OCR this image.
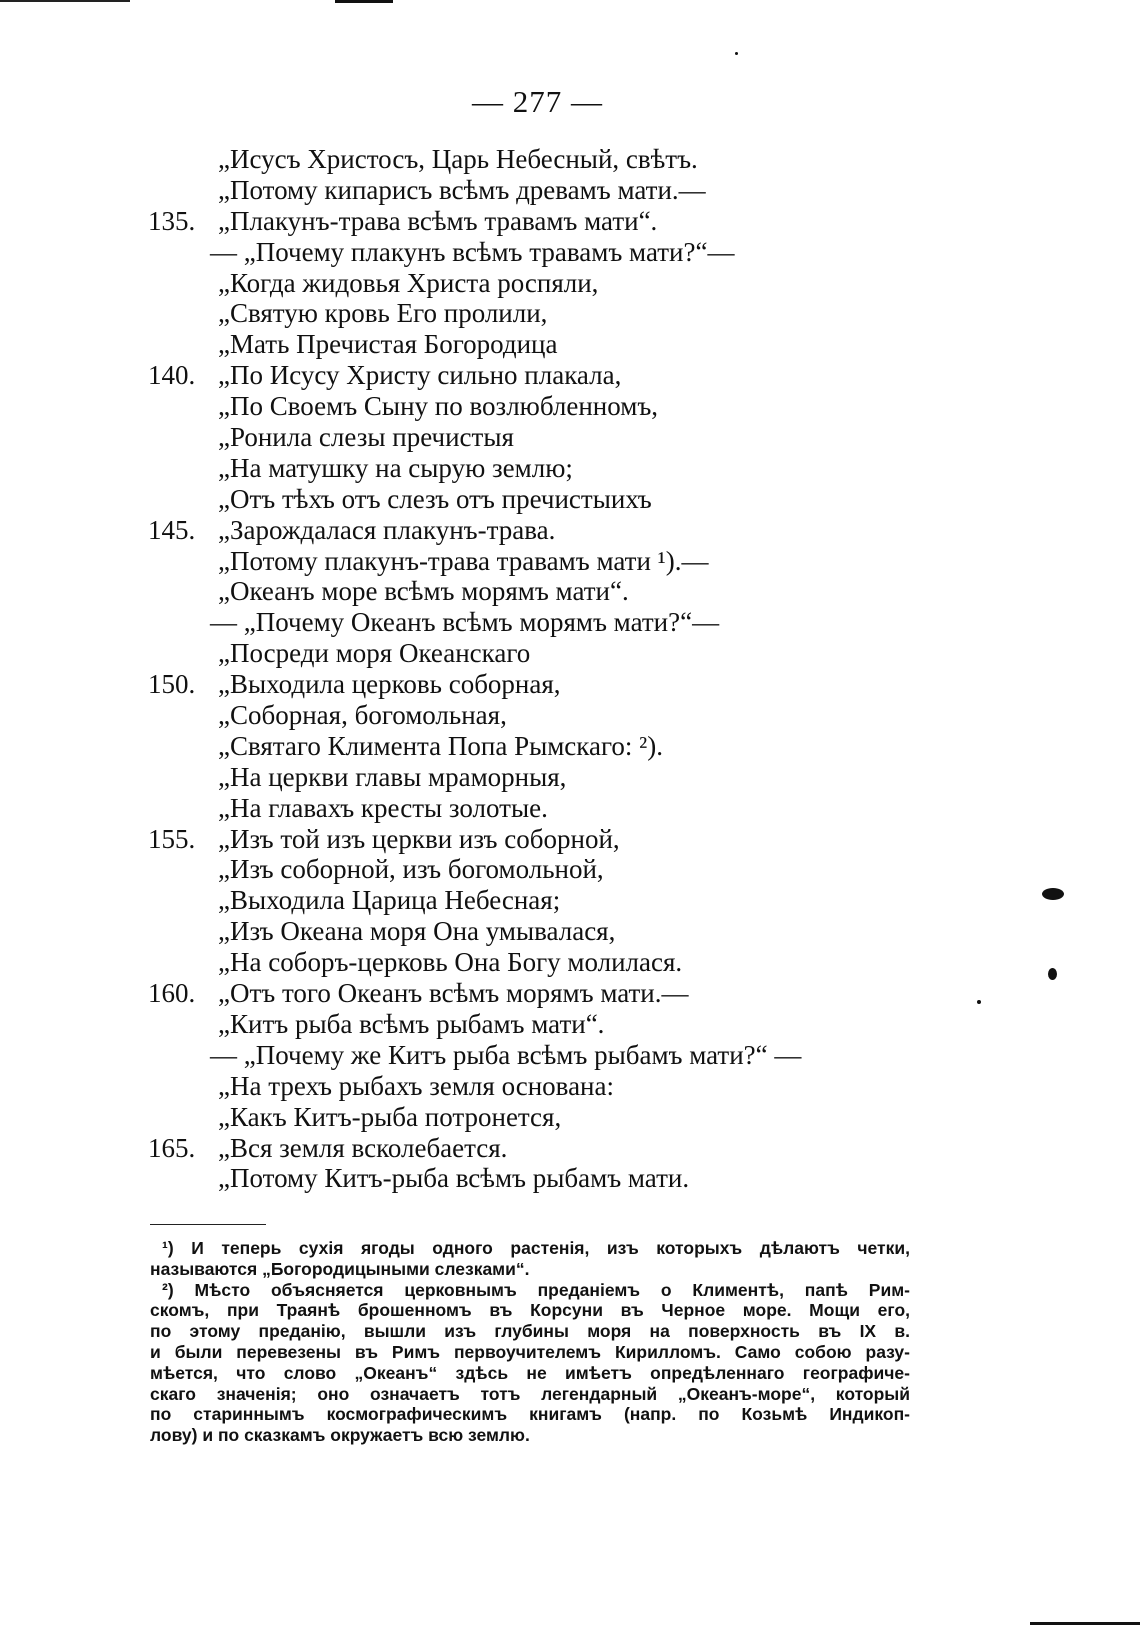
— 277 —
„Исусъ Христосъ, Царь Небесный, свѣтъ.
„Потому кипарисъ всѣмъ древамъ мати.—
135. „Плакунъ-трава всѣмъ травамъ мати“.
— „Почему плакунъ всѣмъ травамъ мати?“—
„Когда жидовья Христа роспяли,
„Святую кровь Его пролили,
„Мать Пречистая Богородица
140. „По Исусу Христу сильно плакала,
„По Своемъ Сыну по возлюбленномъ,
„Ронила слезы пречистыя
„На матушку на сырую землю;
„Отъ тѣхъ отъ слезъ отъ пречистыихъ
145. „Зарождалася плакунъ-трава.
„Потому плакунъ-трава травамъ мати ¹).—
„Океанъ море всѣмъ морямъ мати“.
— „Почему Океанъ всѣмъ морямъ мати?“—
„Посреди моря Океанскаго
150. „Выходила церковь соборная,
„Соборная, богомольная,
„Святаго Климента Попа Рымскаго: ²).
„На церкви главы мраморныя,
„На главахъ кресты золотые.
155. „Изъ той изъ церкви изъ соборной,
„Изъ соборной, изъ богомольной,
„Выходила Царица Небесная;
„Изъ Океана моря Она умывалася,
„На соборъ-церковь Она Богу молилася.
160. „Отъ того Океанъ всѣмъ морямъ мати.—
„Китъ рыба всѣмъ рыбамъ мати“.
— „Почему же Китъ рыба всѣмъ рыбамъ мати?“ —
„На трехъ рыбахъ земля основана:
„Какъ Китъ-рыба потронется,
165. „Вся земля всколебается.
„Потому Китъ-рыба всѣмъ рыбамъ мати.
¹) И теперь сухія ягоды одного растенія, изъ которыхъ дѣлаютъ четки,
называются „Богородицыными слезками“.
²) Мѣсто объясняется церковнымъ преданіемъ о Климентѣ, папѣ Рим-
скомъ, при Траянѣ брошенномъ въ Корсуни въ Черное море. Мощи его,
по этому преданію, вышли изъ глубины моря на поверхность въ IX в.
и были перевезены въ Римъ первоучителемъ Кирилломъ. Само собою разу-
мѣется, что слово „Океанъ“ здѣсь не имѣетъ опредѣленнаго географиче-
скаго значенія; оно означаетъ тотъ легендарный „Океанъ-море“, который
по стариннымъ космографическимъ книгамъ (напр. по Козьмѣ Индикоп-
лову) и по сказкамъ окружаетъ всю землю.
